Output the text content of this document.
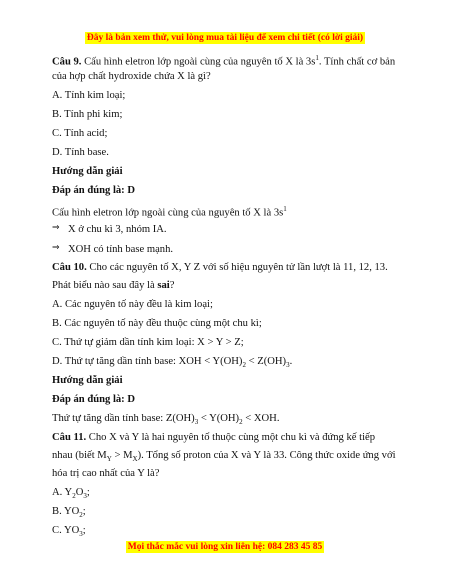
Đây là bản xem thử, vui lòng mua tài liệu để xem chi tiết (có lời giải)
Câu 9. Cấu hình eletron lớp ngoài cùng của nguyên tố X là $3s^1$. Tính chất cơ bản
của hợp chất hydroxide chứa X là gì?
A. Tính kim loại;
B. Tính phi kim;
C. Tính acid;
D. Tính base.
Hướng dẫn giải
Đáp án đúng là: D
Cấu hình eletron lớp ngoài cùng của nguyên tố X là $3s^1$
⇒ X ở chu kì 3, nhóm IA.
⇒ XOH có tính base mạnh.
Câu 10. Cho các nguyên tố X, Y Z với số hiệu nguyên tử lần lượt là 11, 12, 13.
Phát biểu nào sau đây là sai?
A. Các nguyên tố này đều là kim loại;
B. Các nguyên tố này đều thuộc cùng một chu kì;
C. Thứ tự giảm dần tính kim loại: X > Y > Z;
D. Thứ tự tăng dần tính base: XOH < $Y(OH)_2 < Z(OH)_3$.
Hướng dẫn giải
Đáp án đúng là: D
Thứ tự tăng dần tính base: $Z(OH)_3 < Y(OH)_2$ < XOH.
Câu 11. Cho X và Y là hai nguyên tố thuộc cùng một chu kì và đứng kế tiếp
nhau (biết $M_Y > M_X$). Tổng số proton của X và Y là 33. Công thức oxide ứng với
hóa trị cao nhất của Y là?
A. $Y_2O_3$;
B. $YO_2$;
C. $YO_3$;
Mọi thắc mắc vui lòng xin liên hệ: 084 283 45 85
